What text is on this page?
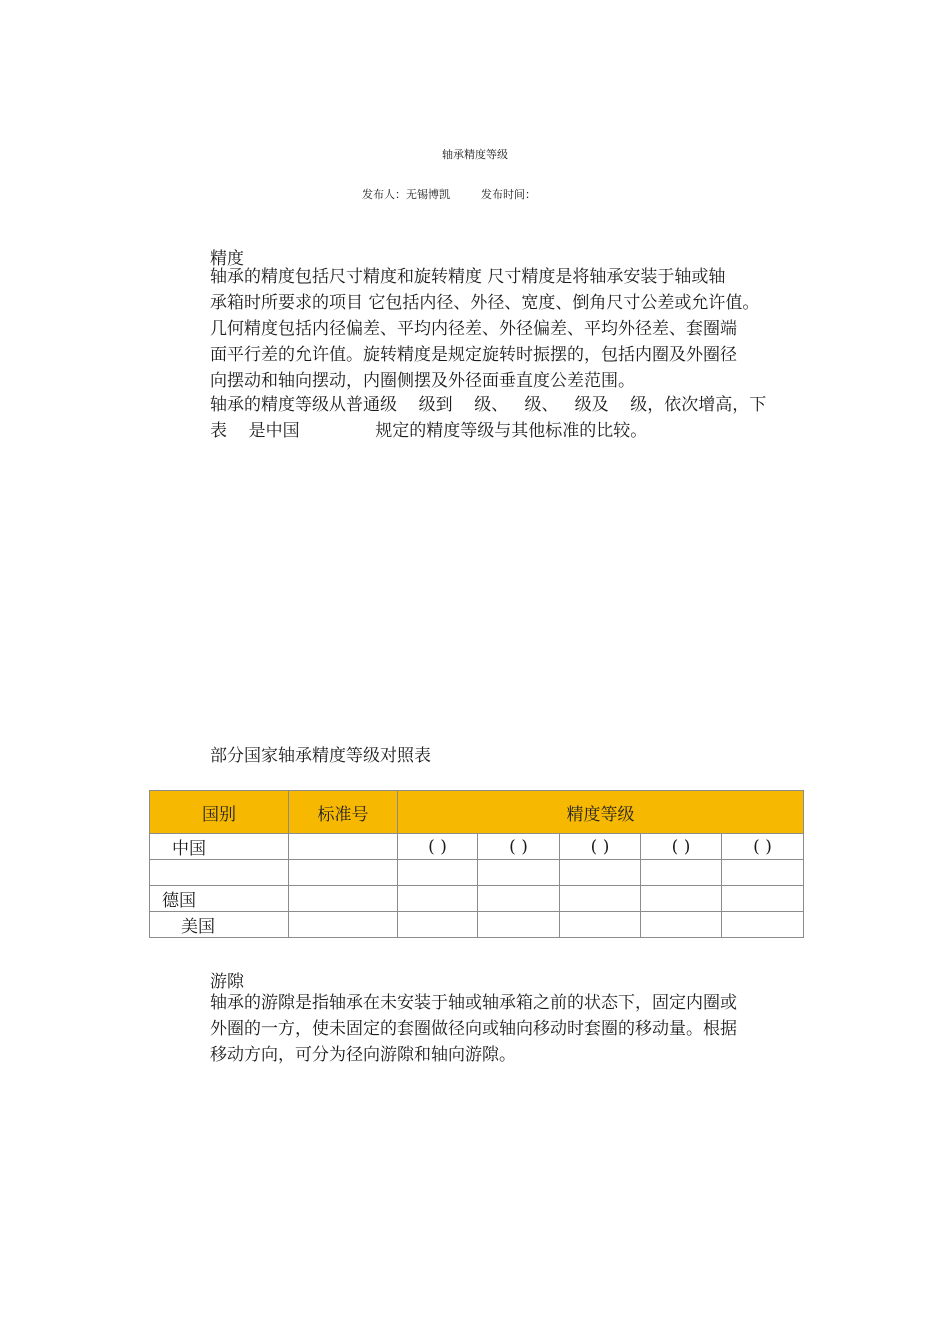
轴承精度等级
发布人：无锡博凯	发布时间：
精度
轴承的精度包括尺寸精度和旋转精度 尺寸精度是将轴承安装于轴或轴
承箱时所要求的项目 它包括内径、外径、宽度、倒角尺寸公差或允许值。
几何精度包括内径偏差、平均内径差、外径偏差、平均外径差、套圈端
面平行差的允许值。旋转精度是规定旋转时振摆的，包括内圈及外圈径
向摆动和轴向摆动，内圈侧摆及外径面垂直度公差范围。
轴承的精度等级从普通级    级到    级、   级、   级及    级，依次增高，下
表    是中国              规定的精度等级与其他标准的比较。
部分国家轴承精度等级对照表
国别	标准号	精度等级				
中国		( )	( )	( )	( )	( )

德国						
美国						
游隙
轴承的游隙是指轴承在未安装于轴或轴承箱之前的状态下，固定内圈或
外圈的一方，使未固定的套圈做径向或轴向移动时套圈的移动量。根据
移动方向，可分为径向游隙和轴向游隙。
